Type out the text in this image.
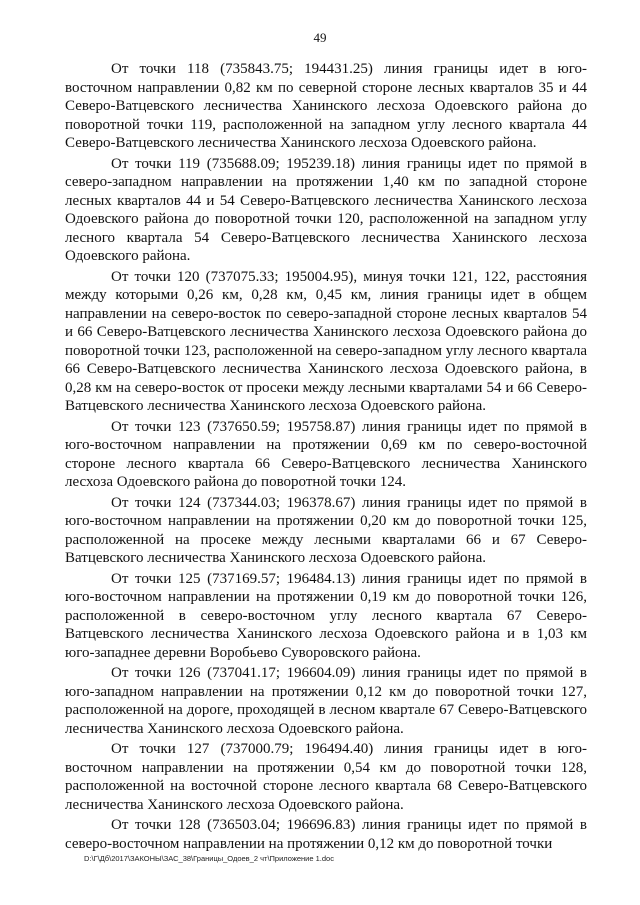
49

От точки 118 (735843.75; 194431.25) линия границы идет в юго-восточном направлении 0,82 км по северной стороне лесных кварталов 35 и 44 Северо-Ватцевского лесничества Ханинского лесхоза Одоевского района до поворотной точки 119, расположенной на западном углу лесного квартала 44 Северо-Ватцевского лесничества Ханинского лесхоза Одоевского района.

От точки 119 (735688.09; 195239.18) линия границы идет по прямой в северо-западном направлении на протяжении 1,40 км по западной стороне лесных кварталов 44 и 54 Северо-Ватцевского лесничества Ханинского лесхоза Одоевского района до поворотной точки 120, расположенной на западном углу лесного квартала 54 Северо-Ватцевского лесничества Ханинского лесхоза Одоевского района.

От точки 120 (737075.33; 195004.95), минуя точки 121, 122, расстояния между которыми 0,26 км, 0,28 км, 0,45 км, линия границы идет в общем направлении на северо-восток по северо-западной стороне лесных кварталов 54 и 66 Северо-Ватцевского лесничества Ханинского лесхоза Одоевского района до поворотной точки 123, расположенной на северо-западном углу лесного квартала 66 Северо-Ватцевского лесничества Ханинского лесхоза Одоевского района, в 0,28 км на северо-восток от просеки между лесными кварталами 54 и 66 Северо-Ватцевского лесничества Ханинского лесхоза Одоевского района.

От точки 123 (737650.59; 195758.87) линия границы идет по прямой в юго-восточном направлении на протяжении 0,69 км по северо-восточной стороне лесного квартала 66 Северо-Ватцевского лесничества Ханинского лесхоза Одоевского района до поворотной точки 124.

От точки 124 (737344.03; 196378.67) линия границы идет по прямой в юго-восточном направлении на протяжении 0,20 км до поворотной точки 125, расположенной на просеке между лесными кварталами 66 и 67 Северо-Ватцевского лесничества Ханинского лесхоза Одоевского района.

От точки 125 (737169.57; 196484.13) линия границы идет по прямой в юго-восточном направлении на протяжении 0,19 км до поворотной точки 126, расположенной в северо-восточном углу лесного квартала 67 Северо-Ватцевского лесничества Ханинского лесхоза Одоевского района и в 1,03 км юго-западнее деревни Воробьево Суворовского района.

От точки 126 (737041.17; 196604.09) линия границы идет по прямой в юго-западном направлении на протяжении 0,12 км до поворотной точки 127, расположенной на дороге, проходящей в лесном квартале 67 Северо-Ватцевского лесничества Ханинского лесхоза Одоевского района.

От точки 127 (737000.79; 196494.40) линия границы идет в юго-восточном направлении на протяжении 0,54 км до поворотной точки 128, расположенной на восточной стороне лесного квартала 68 Северо-Ватцевского лесничества Ханинского лесхоза Одоевского района.

От точки 128 (736503.04; 196696.83) линия границы идет по прямой в северо-восточном направлении на протяжении 0,12 км до поворотной точки

D:\Г\Дб\2017\ЗАКОНЫ\ЗАС_38\Границы_Одоев_2 чт\Приложение 1.doc
